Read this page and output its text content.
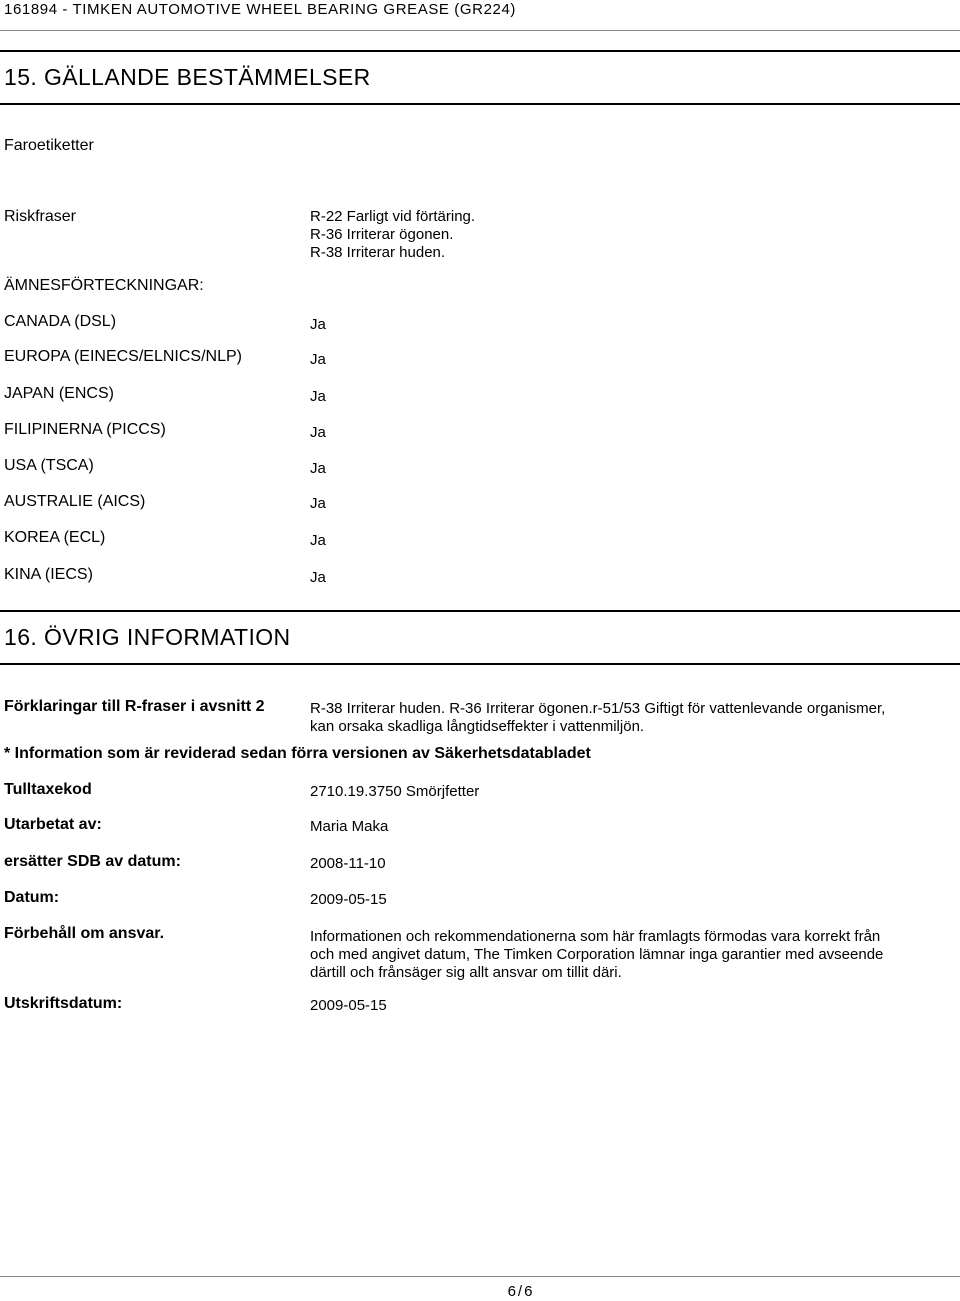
161894 - TIMKEN AUTOMOTIVE WHEEL BEARING GREASE (GR224)
15. GÄLLANDE BESTÄMMELSER
Faroetiketter
Riskfraser	R-22 Farligt vid förtäring.
R-36 Irriterar ögonen.
R-38 Irriterar huden.
ÄMNESFÖRTECKNINGAR:
CANADA (DSL)	Ja
EUROPA (EINECS/ELNICS/NLP)	Ja
JAPAN (ENCS)	Ja
FILIPINERNA (PICCS)	Ja
USA (TSCA)	Ja
AUSTRALIE (AICS)	Ja
KOREA (ECL)	Ja
KINA (IECS)	Ja
16. ÖVRIG INFORMATION
Förklaringar till R-fraser i avsnitt 2	R-38 Irriterar huden. R-36 Irriterar ögonen.r-51/53 Giftigt för vattenlevande organismer,
kan orsaka skadliga långtidseffekter i vattenmiljön.
* Information som är reviderad sedan förra versionen av Säkerhetsdatabladet
Tulltaxekod	2710.19.3750 Smörjfetter
Utarbetat av:	Maria Maka
ersätter SDB av datum:	2008-11-10
Datum:	2009-05-15
Förbehåll om ansvar.	Informationen och rekommendationerna som här framlagts förmodas vara korrekt från
och med angivet datum, The Timken Corporation lämnar inga garantier med avseende
därtill och frånsäger sig allt ansvar om tillit däri.
Utskriftsdatum:	2009-05-15
6 / 6
